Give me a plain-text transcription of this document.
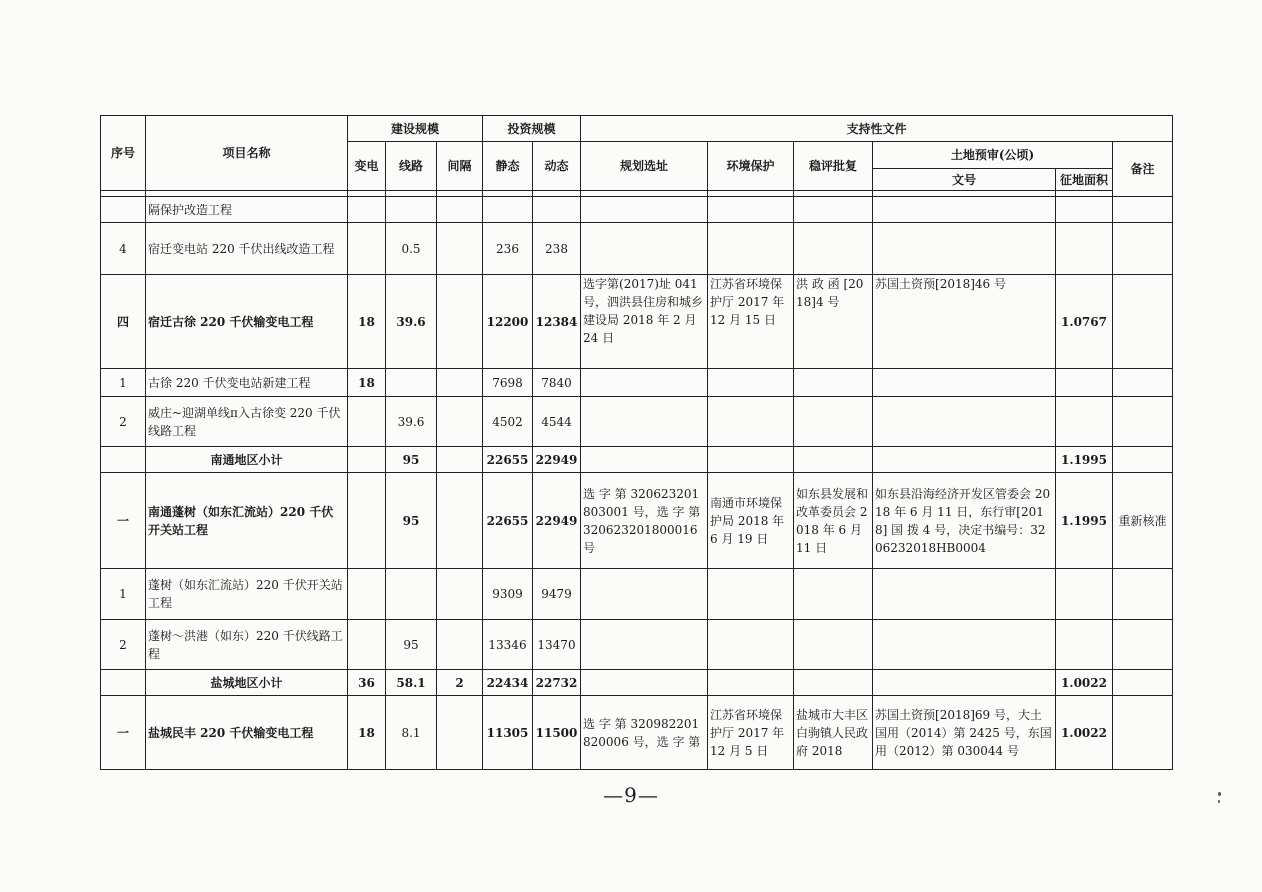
序号	项目名称	建设规模			投资规模		支持性文件					
		变电	线路	间隔	静态	动态	规划选址	环境保护	稳评批复	土地预审(公顷)		备注
										文号	征地面积	

	隔保护改造工程											
4	宿迁变电站 220 千伏出线改造工程		0.5		236	238						
四	宿迁古徐 220 千伏输变电工程	18	39.6		12200	12384	选字第(2017)址 041 号，泗洪县住房和城乡建设局 2018 年 2 月 24 日	江苏省环境保护厅 2017 年 12 月 15 日	洪 政 函 [2018]4 号	苏国土资预[2018]46 号	1.0767	
1	古徐 220 千伏变电站新建工程	18			7698	7840						
2	威庄~迎湖单线π入古徐变 220 千伏线路工程		39.6		4502	4544						
	南通地区小计		95		22655	22949					1.1995	
一	南通蓬树（如东汇流站）220 千伏开关站工程		95		22655	22949	选 字 第 320623201803001 号，选 字 第 320623201800016 号	南通市环境保护局 2018 年 6 月 19 日	如东县发展和改革委员会 2018 年 6 月 11 日	如东县沿海经济开发区管委会 2018 年 6 月 11 日，东行审[2018] 国 拨 4 号，决定书编号：3206232018HB0004	1.1995	重新核准
1	蓬树（如东汇流站）220 千伏开关站工程				9309	9479						
2	蓬树～洪港（如东）220 千伏线路工程		95		13346	13470						
	盐城地区小计	36	58.1	2	22434	22732					1.0022	
一	盐城民丰 220 千伏输变电工程	18	8.1		11305	11500	选 字 第 320982201820006 号，选 字 第	江苏省环境保护厅 2017 年 12 月 5 日	盐城市大丰区白驹镇人民政府 2018	苏国土资预[2018]69 号，大土国用（2014）第 2425 号，东国用（2012）第 030044 号	1.0022	
—9—
